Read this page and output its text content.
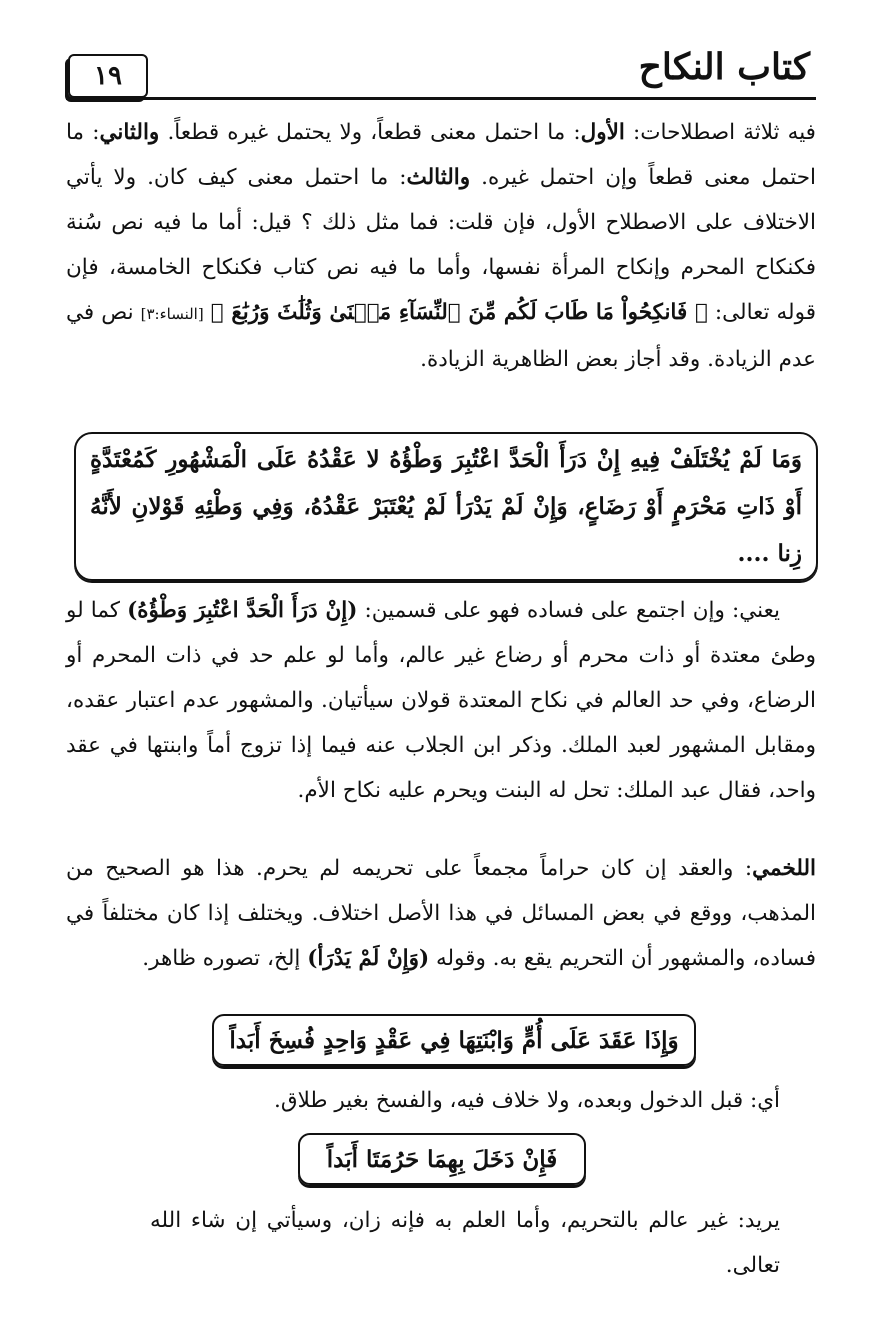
كتاب النكاح
١٩
فيه ثلاثة اصطلاحات: الأول: ما احتمل معنى قطعاً، ولا يحتمل غيره قطعاً. والثاني: ما احتمل معنى قطعاً وإن احتمل غيره. والثالث: ما احتمل معنى كيف كان. ولا يأتي الاختلاف على الاصطلاح الأول، فإن قلت: فما مثل ذلك ؟ قيل: أما ما فيه نص سُنة فكنكاح المحرم وإنكاح المرأة نفسها، وأما ما فيه نص كتاب فكنكاح الخامسة، فإن قوله تعالى: ﴿ فَانكِحُواْ مَا طَابَ لَكُم مِّنَ ٱلنِّسَآءِ مَثۡنَىٰ وَثُلَٰثَ وَرُبَٰعَ ﴾ [النساء:٣] نص في عدم الزيادة. وقد أجاز بعض الظاهرية الزيادة.
وَمَا لَمْ يُخْتَلَفْ فِيهِ إِنْ دَرَأَ الْحَدَّ اعْتُبِرَ وَطْؤُهُ لا عَقْدُهُ عَلَى الْمَشْهُورِ كَمُعْتَدَّةٍ أَوْ ذَاتِ مَحْرَمٍ أَوْ رَضَاعٍ، وَإِنْ لَمْ يَدْرَأ لَمْ يُعْتَبَرْ عَقْدُهُ، وَفِي وَطْئِهِ قَوْلانِ لأَنَّهُ زِنا ....
يعني: وإن اجتمع على فساده فهو على قسمين: (إِنْ دَرَأَ الْحَدَّ اعْتُبِرَ وَطْؤُهُ) كما لو وطئ معتدة أو ذات محرم أو رضاع غير عالم، وأما لو علم حد في ذات المحرم أو الرضاع، وفي حد العالم في نكاح المعتدة قولان سيأتيان. والمشهور عدم اعتبار عقده، ومقابل المشهور لعبد الملك. وذكر ابن الجلاب عنه فيما إذا تزوج أماً وابنتها في عقد واحد، فقال عبد الملك: تحل له البنت ويحرم عليه نكاح الأم.
اللخمي: والعقد إن كان حراماً مجمعاً على تحريمه لم يحرم. هذا هو الصحيح من المذهب، ووقع في بعض المسائل في هذا الأصل اختلاف. ويختلف إذا كان مختلفاً في فساده، والمشهور أن التحريم يقع به. وقوله (وَإِنْ لَمْ يَدْرَأ) إلخ، تصوره ظاهر.
وَإِذَا عَقَدَ عَلَى أُمٍّ وَابْنَتِهَا فِي عَقْدٍ وَاحِدٍ فُسِخَ أَبَداً
أي: قبل الدخول وبعده، ولا خلاف فيه، والفسخ بغير طلاق.
فَإِنْ دَخَلَ بِهِمَا حَرُمَتَا أَبَداً
يريد: غير عالم بالتحريم، وأما العلم به فإنه زان، وسيأتي إن شاء الله تعالى.
